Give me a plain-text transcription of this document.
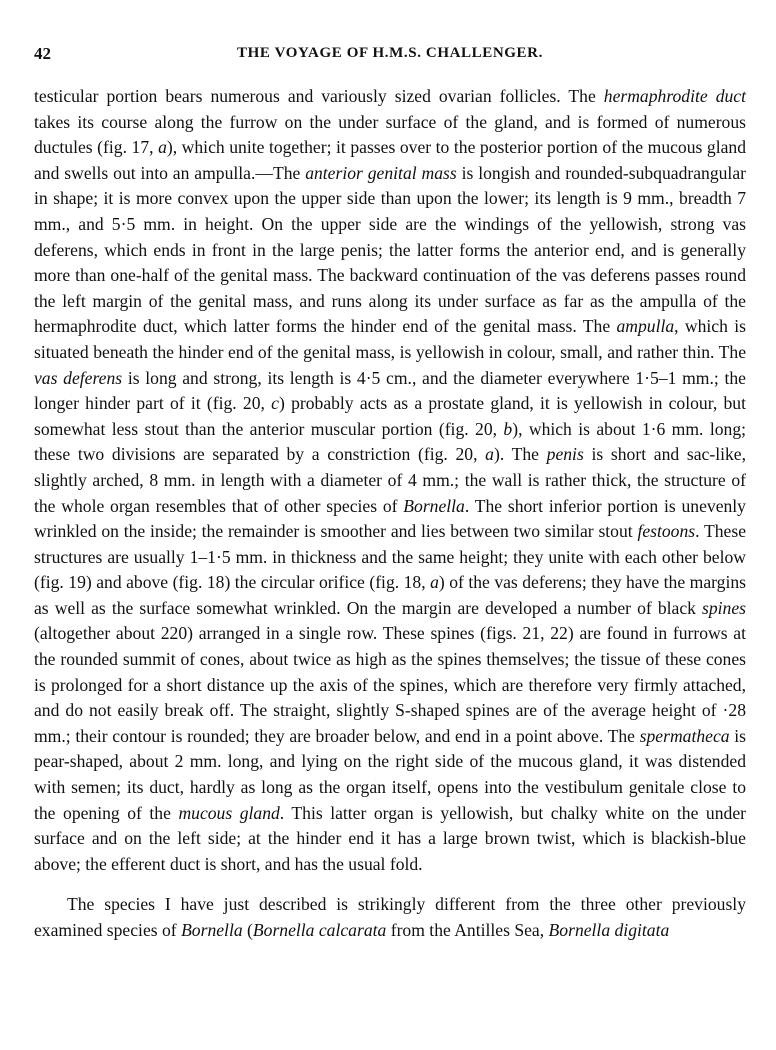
42	THE VOYAGE OF H.M.S. CHALLENGER.

testicular portion bears numerous and variously sized ovarian follicles. The hermaphrodite duct takes its course along the furrow on the under surface of the gland, and is formed of numerous ductules (fig. 17, a), which unite together; it passes over to the posterior portion of the mucous gland and swells out into an ampulla.—The anterior genital mass is longish and rounded-subquadrangular in shape; it is more convex upon the upper side than upon the lower; its length is 9 mm., breadth 7 mm., and 5·5 mm. in height. On the upper side are the windings of the yellowish, strong vas deferens, which ends in front in the large penis; the latter forms the anterior end, and is generally more than one-half of the genital mass. The backward continuation of the vas deferens passes round the left margin of the genital mass, and runs along its under surface as far as the ampulla of the hermaphrodite duct, which latter forms the hinder end of the genital mass. The ampulla, which is situated beneath the hinder end of the genital mass, is yellowish in colour, small, and rather thin. The vas deferens is long and strong, its length is 4·5 cm., and the diameter everywhere 1·5–1 mm.; the longer hinder part of it (fig. 20, c) probably acts as a prostate gland, it is yellowish in colour, but somewhat less stout than the anterior muscular portion (fig. 20, b), which is about 1·6 mm. long; these two divisions are separated by a constriction (fig. 20, a). The penis is short and sac-like, slightly arched, 8 mm. in length with a diameter of 4 mm.; the wall is rather thick, the structure of the whole organ resembles that of other species of Bornella. The short inferior portion is unevenly wrinkled on the inside; the remainder is smoother and lies between two similar stout festoons. These structures are usually 1–1·5 mm. in thickness and the same height; they unite with each other below (fig. 19) and above (fig. 18) the circular orifice (fig. 18, a) of the vas deferens; they have the margins as well as the surface somewhat wrinkled. On the margin are developed a number of black spines (altogether about 220) arranged in a single row. These spines (figs. 21, 22) are found in furrows at the rounded summit of cones, about twice as high as the spines themselves; the tissue of these cones is prolonged for a short distance up the axis of the spines, which are therefore very firmly attached, and do not easily break off. The straight, slightly S-shaped spines are of the average height of ·28 mm.; their contour is rounded; they are broader below, and end in a point above. The spermatheca is pear-shaped, about 2 mm. long, and lying on the right side of the mucous gland, it was distended with semen; its duct, hardly as long as the organ itself, opens into the vestibulum genitale close to the opening of the mucous gland. This latter organ is yellowish, but chalky white on the under surface and on the left side; at the hinder end it has a large brown twist, which is blackish-blue above; the efferent duct is short, and has the usual fold.

The species I have just described is strikingly different from the three other previously examined species of Bornella (Bornella calcarata from the Antilles Sea, Bornella digitata
